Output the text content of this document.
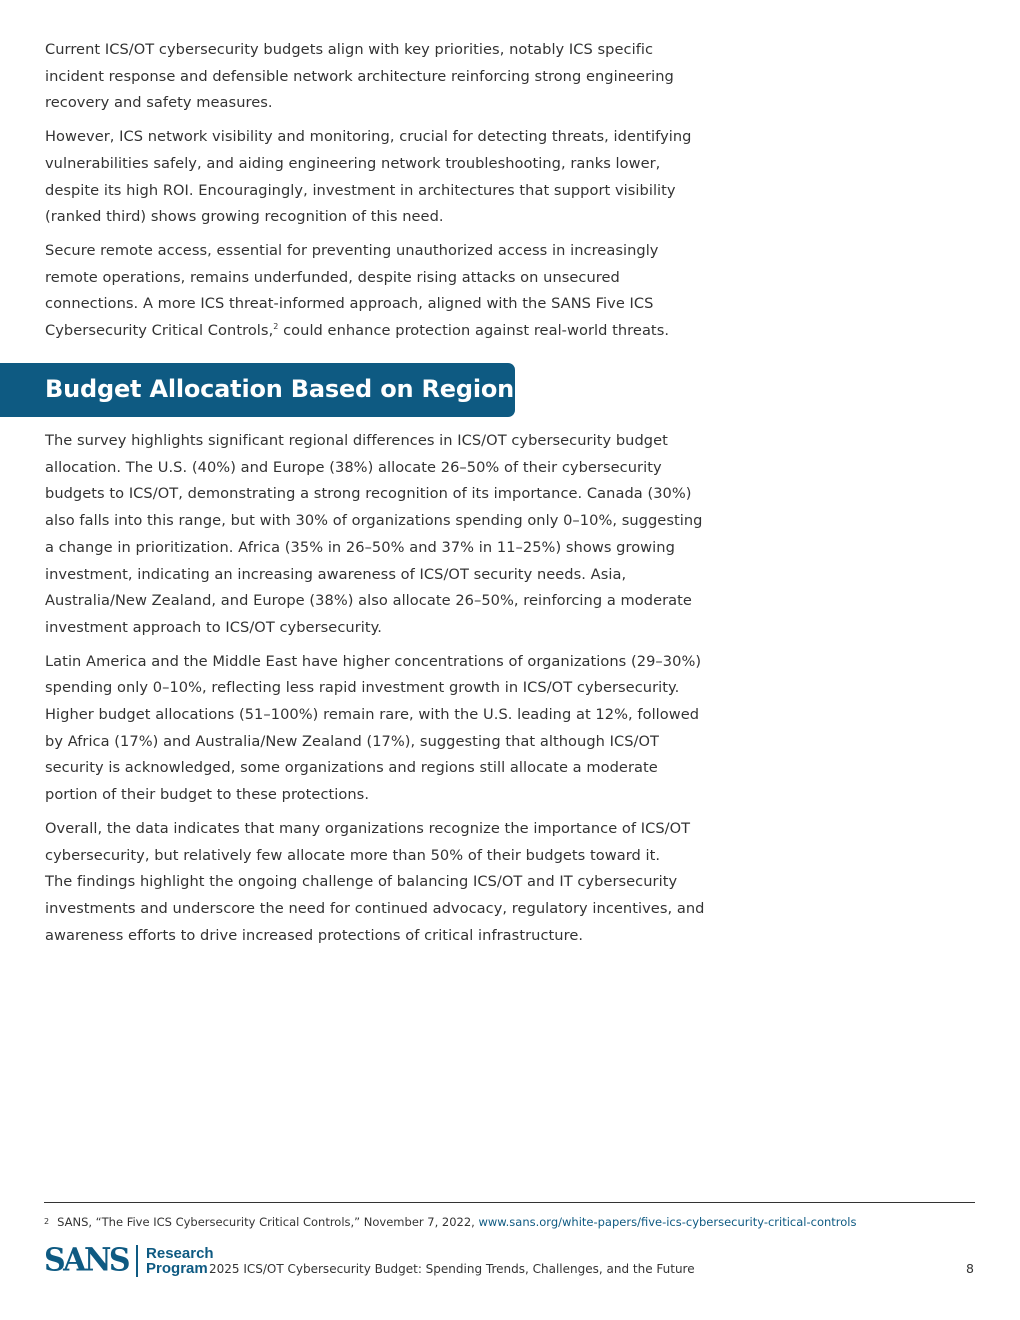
Current ICS/OT cybersecurity budgets align with key priorities, notably ICS specific incident response and defensible network architecture reinforcing strong engineering recovery and safety measures.

However, ICS network visibility and monitoring, crucial for detecting threats, identifying vulnerabilities safely, and aiding engineering network troubleshooting, ranks lower, despite its high ROI. Encouragingly, investment in architectures that support visibility (ranked third) shows growing recognition of this need.

Secure remote access, essential for preventing unauthorized access in increasingly remote operations, remains underfunded, despite rising attacks on unsecured connections. A more ICS threat-informed approach, aligned with the SANS Five ICS Cybersecurity Critical Controls,$^2$ could enhance protection against real-world threats.

Budget Allocation Based on Region

The survey highlights significant regional differences in ICS/OT cybersecurity budget allocation. The U.S. (40%) and Europe (38%) allocate 26–50% of their cybersecurity budgets to ICS/OT, demonstrating a strong recognition of its importance. Canada (30%) also falls into this range, but with 30% of organizations spending only 0–10%, suggesting a change in prioritization. Africa (35% in 26–50% and 37% in 11–25%) shows growing investment, indicating an increasing awareness of ICS/OT security needs. Asia, Australia/New Zealand, and Europe (38%) also allocate 26–50%, reinforcing a moderate investment approach to ICS/OT cybersecurity.

Latin America and the Middle East have higher concentrations of organizations (29–30%) spending only 0–10%, reflecting less rapid investment growth in ICS/OT cybersecurity. Higher budget allocations (51–100%) remain rare, with the U.S. leading at 12%, followed by Africa (17%) and Australia/New Zealand (17%), suggesting that although ICS/OT security is acknowledged, some organizations and regions still allocate a moderate portion of their budget to these protections.

Overall, the data indicates that many organizations recognize the importance of ICS/OT cybersecurity, but relatively few allocate more than 50% of their budgets toward it.

The findings highlight the ongoing challenge of balancing ICS/OT and IT cybersecurity investments and underscore the need for continued advocacy, regulatory incentives, and awareness efforts to drive increased protections of critical infrastructure.

$^2$ SANS, “The Five ICS Cybersecurity Critical Controls,” November 7, 2022, www.sans.org/white-papers/five-ics-cybersecurity-critical-controls
SANS Research
Program 2025 ICS/OT Cybersecurity Budget: Spending Trends, Challenges, and the Future	8
